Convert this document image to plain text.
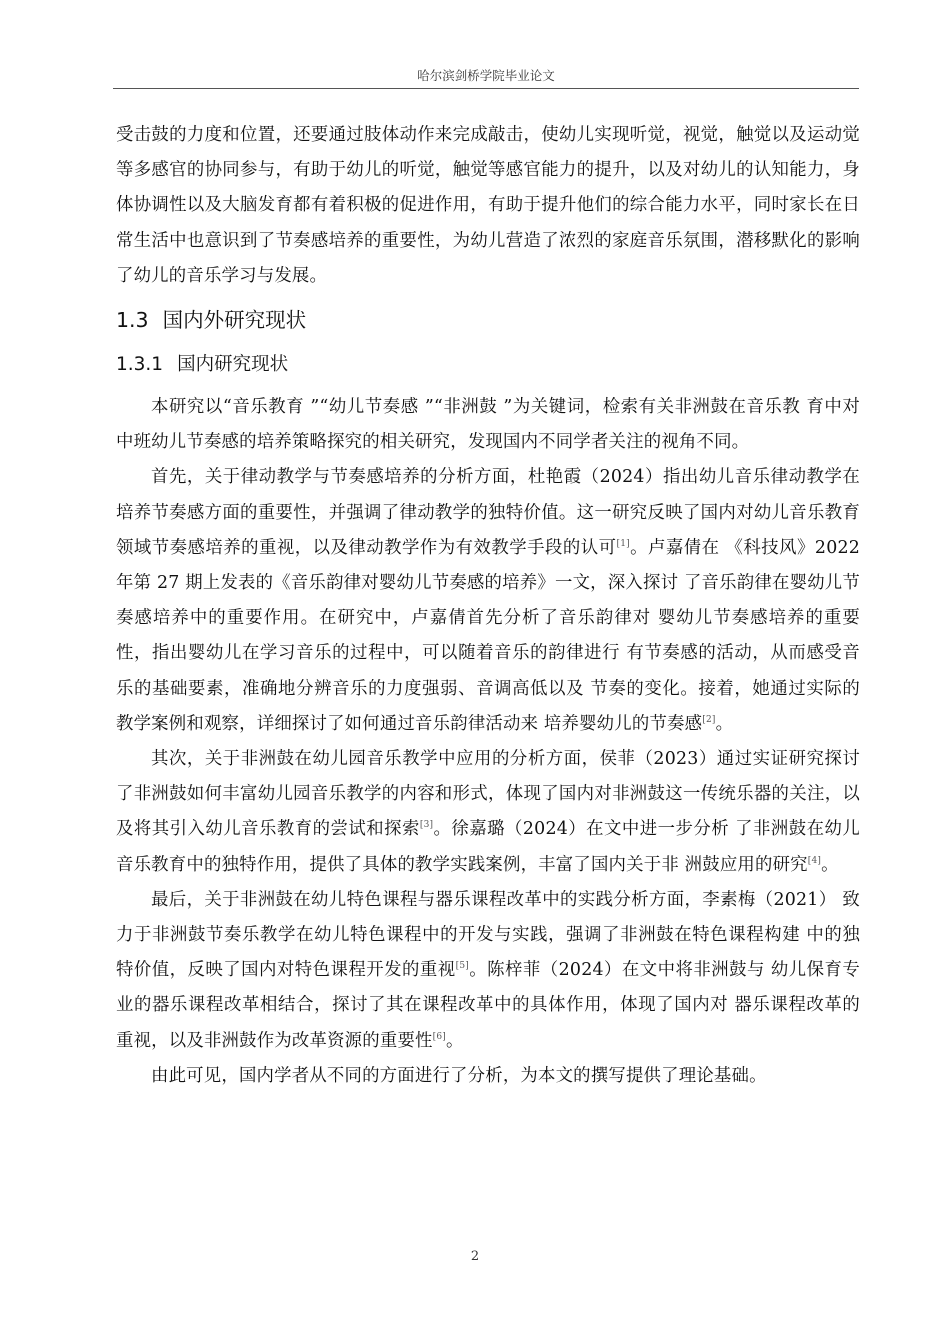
哈尔滨剑桥学院毕业论文

受击鼓的力度和位置，还要通过肢体动作来完成敲击，使幼儿实现听觉，视觉，触觉以及运动觉等多感官的协同参与，有助于幼儿的听觉，触觉等感官能力的提升，以及对幼儿的认知能力，身体协调性以及大脑发育都有着积极的促进作用，有助于提升他们的综合能力水平，同时家长在日常生活中也意识到了节奏感培养的重要性，为幼儿营造了浓烈的家庭音乐氛围，潜移默化的影响了幼儿的音乐学习与发展。

1.3 国内外研究现状
1.3.1 国内研究现状

本研究以“音乐教育 ”“幼儿节奏感 ”“非洲鼓 ”为关键词，检索有关非洲鼓在音乐教 育中对中班幼儿节奏感的培养策略探究的相关研究，发现国内不同学者关注的视角不同。

首先，关于律动教学与节奏感培养的分析方面，杜艳霞（2024）指出幼儿音乐律动教学在培养节奏感方面的重要性，并强调了律动教学的独特价值。这一研究反映了国内对幼儿音乐教育领域节奏感培养的重视，以及律动教学作为有效教学手段的认可[1]。卢嘉倩在 《科技风》2022 年第 27 期上发表的《音乐韵律对婴幼儿节奏感的培养》一文，深入探讨 了音乐韵律在婴幼儿节奏感培养中的重要作用。在研究中，卢嘉倩首先分析了音乐韵律对 婴幼儿节奏感培养的重要性，指出婴幼儿在学习音乐的过程中，可以随着音乐的韵律进行 有节奏感的活动，从而感受音乐的基础要素，准确地分辨音乐的力度强弱、音调高低以及 节奏的变化。接着，她通过实际的教学案例和观察，详细探讨了如何通过音乐韵律活动来 培养婴幼儿的节奏感[2]。

其次，关于非洲鼓在幼儿园音乐教学中应用的分析方面，侯菲（2023）通过实证研究探讨了非洲鼓如何丰富幼儿园音乐教学的内容和形式，体现了国内对非洲鼓这一传统乐器的关注，以及将其引入幼儿音乐教育的尝试和探索[3]。徐嘉璐（2024）在文中进一步分析 了非洲鼓在幼儿音乐教育中的独特作用，提供了具体的教学实践案例，丰富了国内关于非 洲鼓应用的研究[4]。

最后，关于非洲鼓在幼儿特色课程与器乐课程改革中的实践分析方面，李素梅（2021） 致力于非洲鼓节奏乐教学在幼儿特色课程中的开发与实践，强调了非洲鼓在特色课程构建 中的独特价值，反映了国内对特色课程开发的重视[5]。陈梓菲（2024）在文中将非洲鼓与 幼儿保育专业的器乐课程改革相结合，探讨了其在课程改革中的具体作用，体现了国内对 器乐课程改革的重视，以及非洲鼓作为改革资源的重要性[6]。

由此可见，国内学者从不同的方面进行了分析，为本文的撰写提供了理论基础。

2
